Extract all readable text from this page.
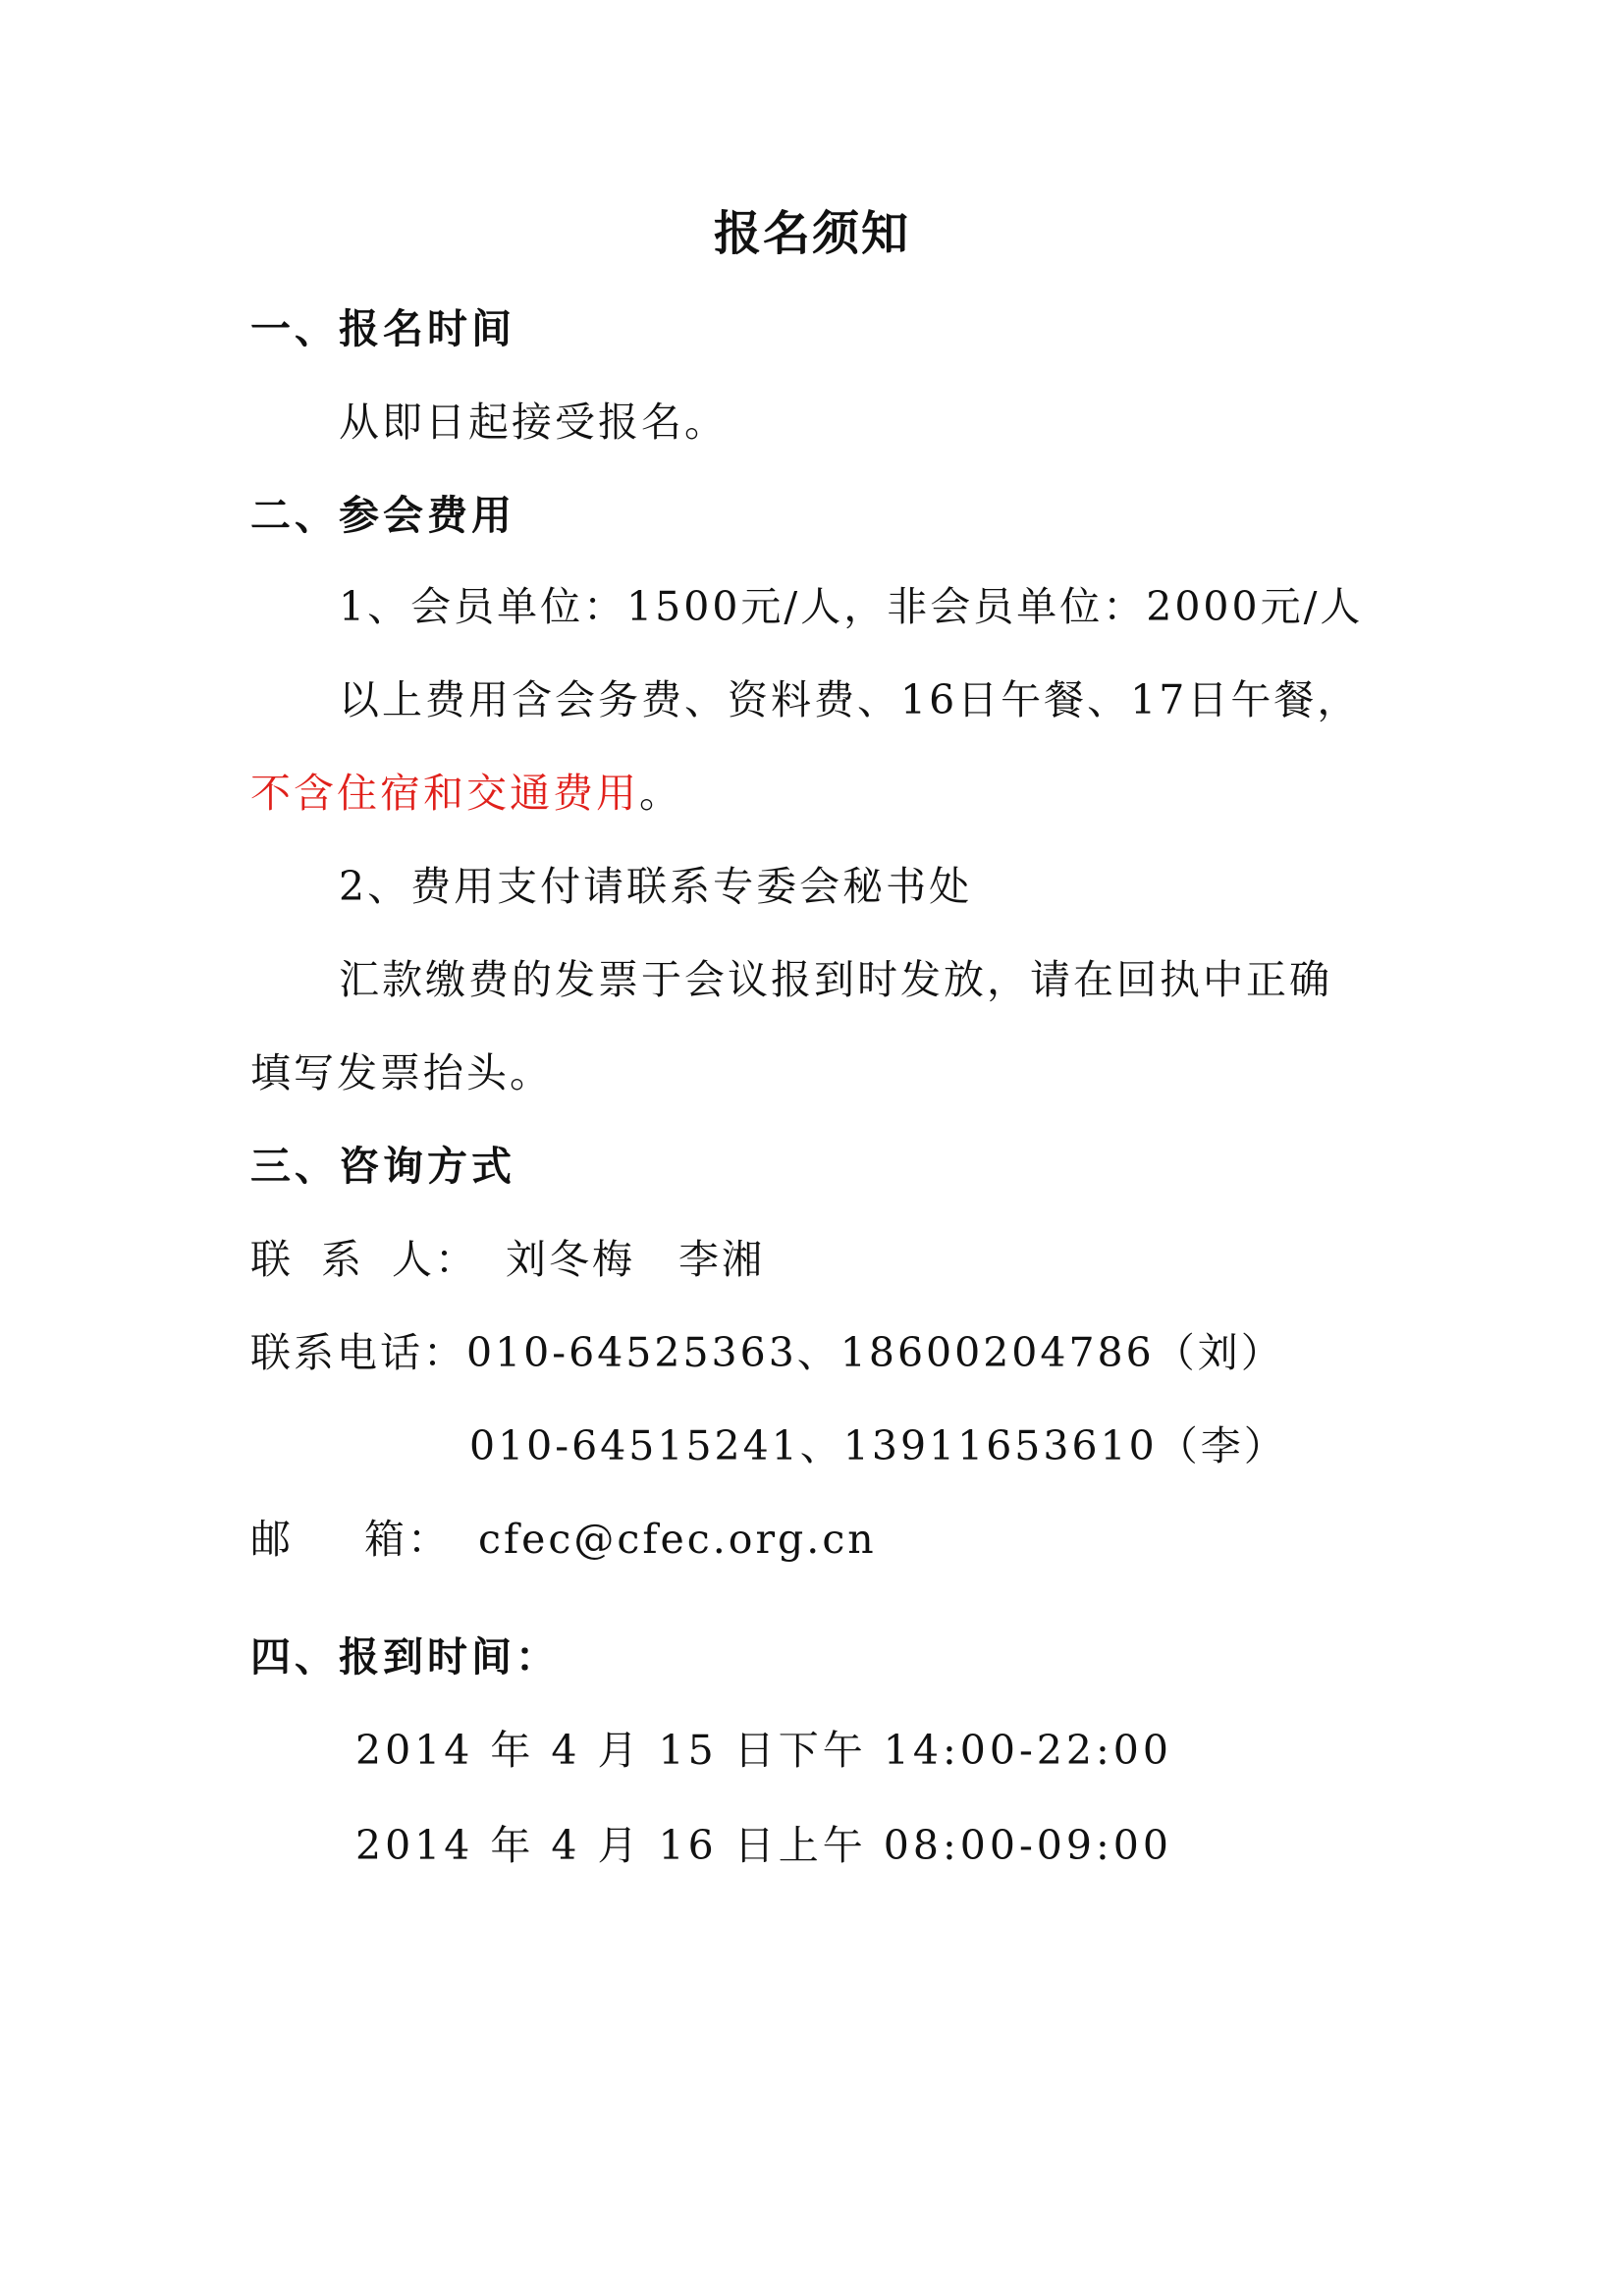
报名须知
一、报名时间
从即日起接受报名。
二、参会费用
1、会员单位：1500元/人，非会员单位：2000元/人
以上费用含会务费、资料费、16日午餐、17日午餐，
不含住宿和交通费用。
2、费用支付请联系专委会秘书处
汇款缴费的发票于会议报到时发放，请在回执中正确
填写发票抬头。
三、咨询方式
联 系 人： 刘冬梅　李湘
联系电话：010-64525363、18600204786（刘）
010-64515241、13911653610（李）
邮 箱： cfec@cfec.org.cn
四、报到时间：
2014 年 4 月 15 日下午 14:00-22:00
2014 年 4 月 16 日上午 08:00-09:00
